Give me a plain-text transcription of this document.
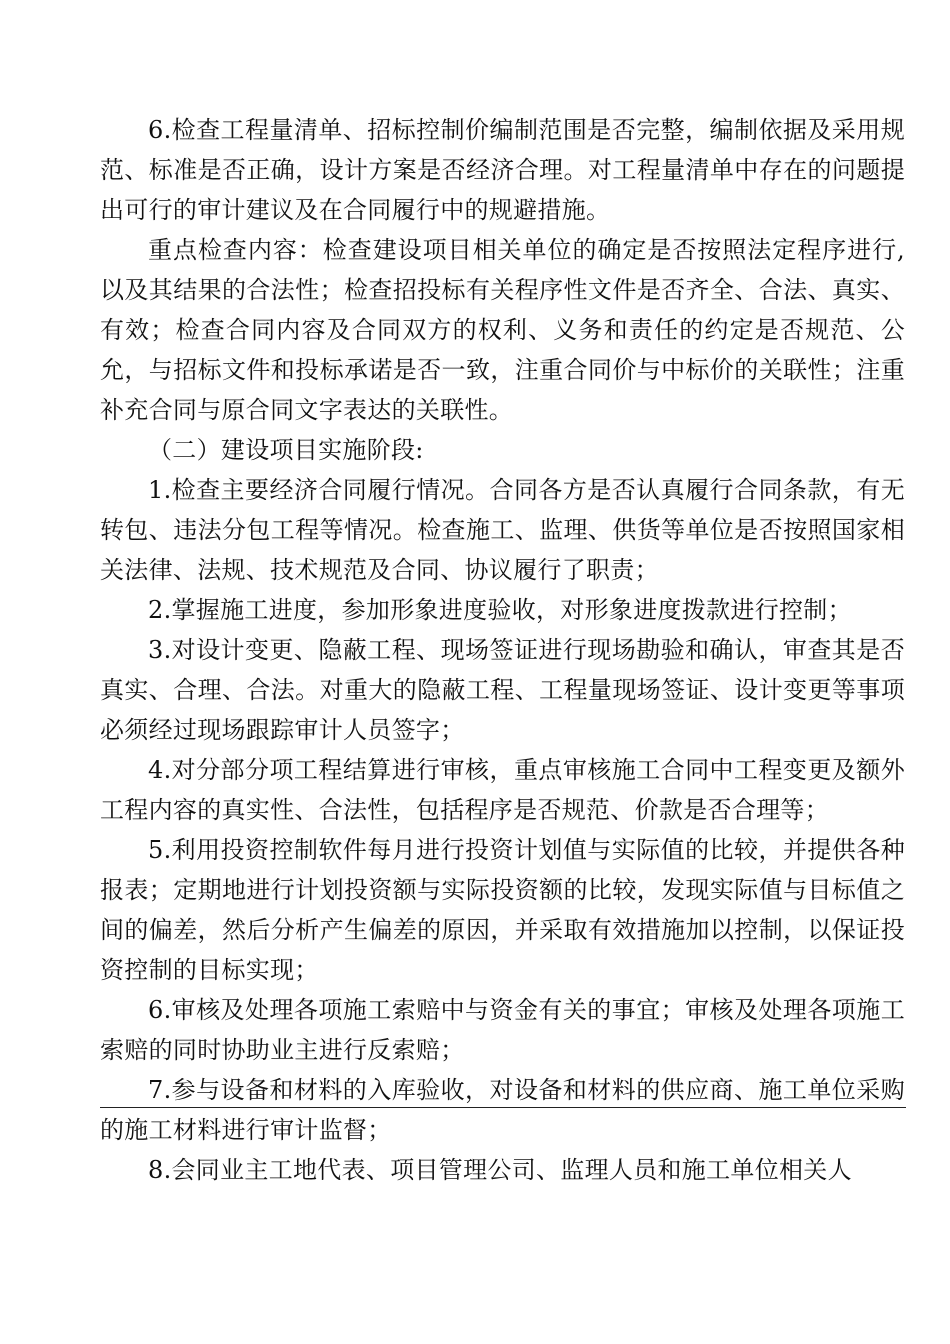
6.检查工程量清单、招标控制价编制范围是否完整，编制依据及采用规范、标准是否正确，设计方案是否经济合理。对工程量清单中存在的问题提出可行的审计建议及在合同履行中的规避措施。

重点检查内容：检查建设项目相关单位的确定是否按照法定程序进行,以及其结果的合法性；检查招投标有关程序性文件是否齐全、合法、真实、有效；检查合同内容及合同双方的权利、义务和责任的约定是否规范、公允，与招标文件和投标承诺是否一致，注重合同价与中标价的关联性；注重补充合同与原合同文字表达的关联性。

（二）建设项目实施阶段:

1.检查主要经济合同履行情况。合同各方是否认真履行合同条款，有无转包、违法分包工程等情况。检查施工、监理、供货等单位是否按照国家相关法律、法规、技术规范及合同、协议履行了职责；

2.掌握施工进度，参加形象进度验收，对形象进度拨款进行控制；

3.对设计变更、隐蔽工程、现场签证进行现场勘验和确认，审查其是否真实、合理、合法。对重大的隐蔽工程、工程量现场签证、设计变更等事项必须经过现场跟踪审计人员签字；

4.对分部分项工程结算进行审核，重点审核施工合同中工程变更及额外工程内容的真实性、合法性，包括程序是否规范、价款是否合理等；

5.利用投资控制软件每月进行投资计划值与实际值的比较，并提供各种报表；定期地进行计划投资额与实际投资额的比较，发现实际值与目标值之间的偏差，然后分析产生偏差的原因，并采取有效措施加以控制，以保证投资控制的目标实现；

6.审核及处理各项施工索赔中与资金有关的事宜；审核及处理各项施工索赔的同时协助业主进行反索赔；

7.参与设备和材料的入库验收，对设备和材料的供应商、施工单位采购的施工材料进行审计监督；

8.会同业主工地代表、项目管理公司、监理人员和施工单位相关人
